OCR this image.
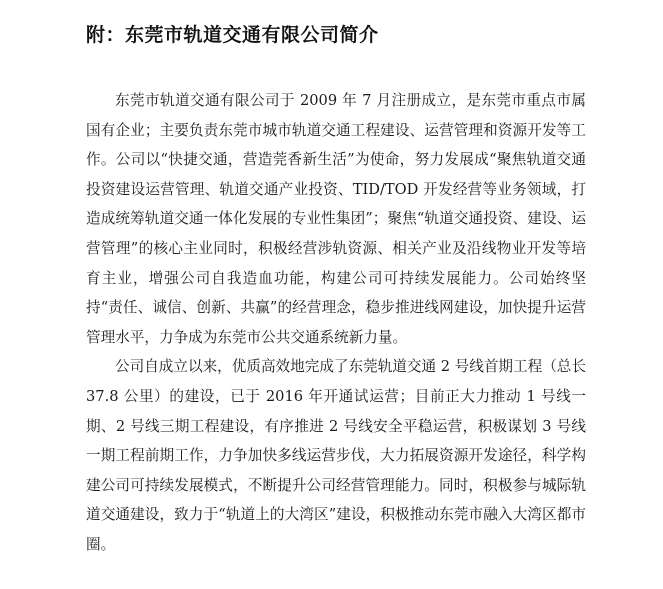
附：东莞市轨道交通有限公司简介

东莞市轨道交通有限公司于 2009 年 7 月注册成立，是东莞市重点市属国有企业；主要负责东莞市城市轨道交通工程建设、运营管理和资源开发等工作。公司以“快捷交通，营造莞香新生活”为使命，努力发展成“聚焦轨道交通投资建设运营管理、轨道交通产业投资、TID/TOD 开发经营等业务领域，打造成统筹轨道交通一体化发展的专业性集团”；聚焦“轨道交通投资、建设、运营管理”的核心主业同时，积极经营涉轨资源、相关产业及沿线物业开发等培育主业，增强公司自我造血功能，构建公司可持续发展能力。公司始终坚持“责任、诚信、创新、共赢”的经营理念，稳步推进线网建设，加快提升运营管理水平，力争成为东莞市公共交通系统新力量。

公司自成立以来，优质高效地完成了东莞轨道交通 2 号线首期工程（总长 37.8 公里）的建设，已于 2016 年开通试运营；目前正大力推动 1 号线一期、2 号线三期工程建设，有序推进 2 号线安全平稳运营，积极谋划 3 号线一期工程前期工作，力争加快多线运营步伐，大力拓展资源开发途径，科学构建公司可持续发展模式，不断提升公司经营管理能力。同时，积极参与城际轨道交通建设，致力于“轨道上的大湾区”建设，积极推动东莞市融入大湾区都市圈。
